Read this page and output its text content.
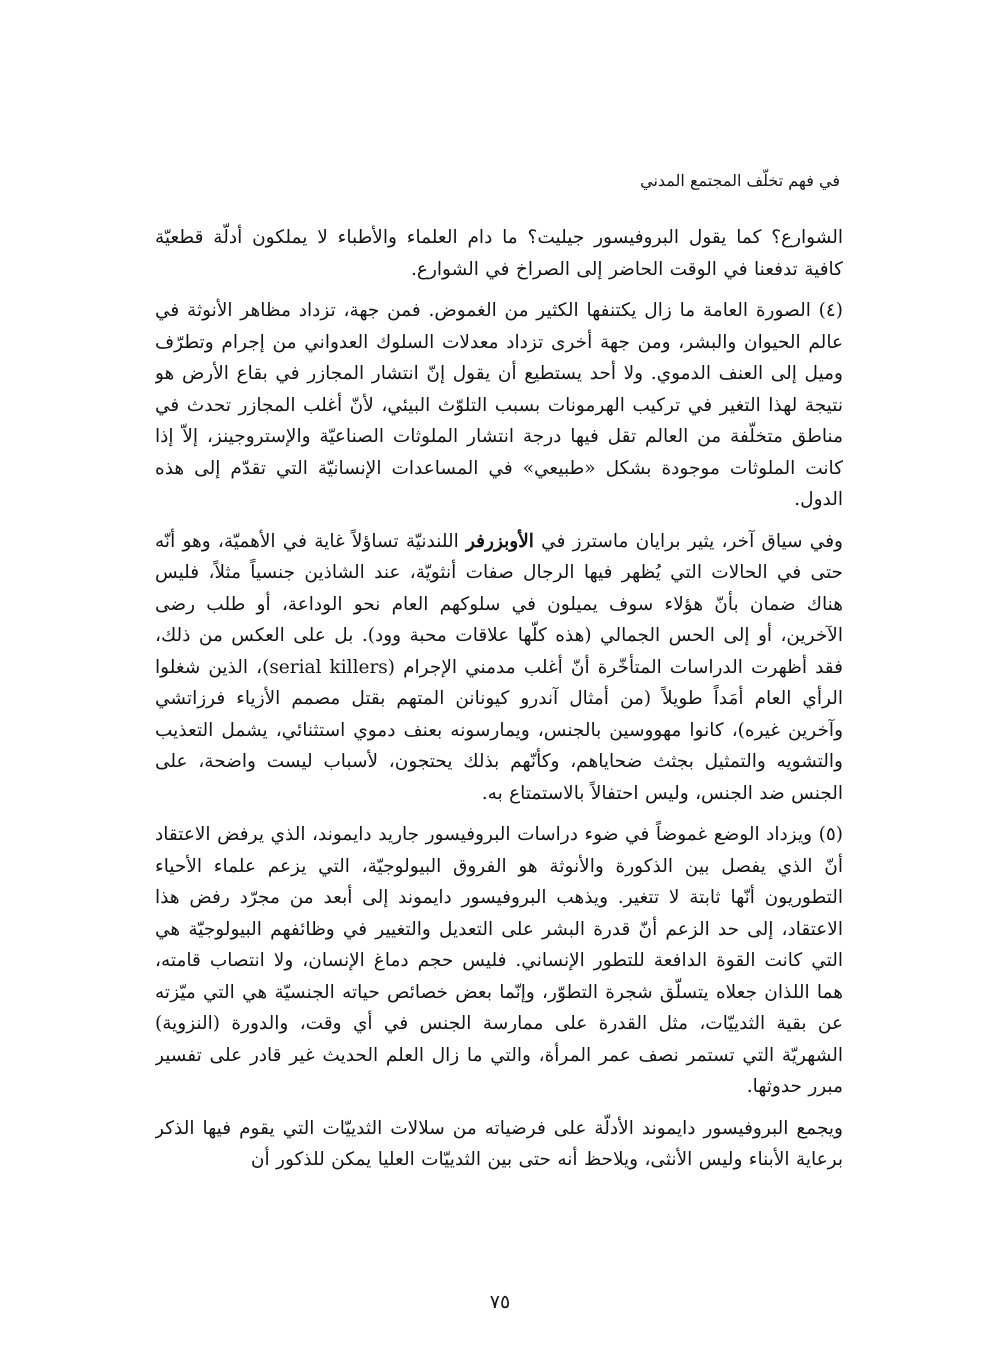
في فهم تخلّف المجتمع المدني

الشوارع؟ كما يقول البروفيسور جيليت؟ ما دام العلماء والأطباء لا يملكون أدلّة قطعيّة كافية تدفعنا في الوقت الحاضر إلى الصراخ في الشوارع.

(٤) الصورة العامة ما زال يكتنفها الكثير من الغموض. فمن جهة، تزداد مظاهر الأنوثة في عالم الحيوان والبشر، ومن جهة أخرى تزداد معدلات السلوك العدواني من إجرام وتطرّف وميل إلى العنف الدموي. ولا أحد يستطيع أن يقول إنّ انتشار المجازر في بقاع الأرض هو نتيجة لهذا التغير في تركيب الهرمونات بسبب التلوّث البيئي، لأنّ أغلب المجازر تحدث في مناطق متخلّفة من العالم تقل فيها درجة انتشار الملوثات الصناعيّة والإستروجينز، إلاّ إذا كانت الملوثات موجودة بشكل «طبيعي» في المساعدات الإنسانيّة التي تقدّم إلى هذه الدول.

وفي سياق آخر، يثير برايان ماسترز في الأوبزرفر اللندنيّة تساؤلاً غاية في الأهميّة، وهو أنّه حتى في الحالات التي يُظهر فيها الرجال صفات أنثويّة، عند الشاذين جنسياً مثلاً، فليس هناك ضمان بأنّ هؤلاء سوف يميلون في سلوكهم العام نحو الوداعة، أو طلب رضى الآخرين، أو إلى الحس الجمالي (هذه كلّها علاقات محبة وود). بل على العكس من ذلك، فقد أظهرت الدراسات المتأخّرة أنّ أغلب مدمني الإجرام (serial killers)، الذين شغلوا الرأي العام أمَداً طويلاً (من أمثال آندرو كيونانن المتهم بقتل مصمم الأزياء فرزاتشي وآخرين غيره)، كانوا مهووسين بالجنس، ويمارسونه بعنف دموي استثنائي، يشمل التعذيب والتشويه والتمثيل بجثث ضحاياهم، وكأنّهم بذلك يحتجون، لأسباب ليست واضحة، على الجنس ضد الجنس، وليس احتفالاً بالاستمتاع به.

(٥) ويزداد الوضع غموضاً في ضوء دراسات البروفيسور جاريد دايموند، الذي يرفض الاعتقاد أنّ الذي يفصل بين الذكورة والأنوثة هو الفروق البيولوجيّة، التي يزعم علماء الأحياء التطوريون أنّها ثابتة لا تتغير. ويذهب البروفيسور دايموند إلى أبعد من مجرّد رفض هذا الاعتقاد، إلى حد الزعم أنّ قدرة البشر على التعديل والتغيير في وظائفهم البيولوجيّة هي التي كانت القوة الدافعة للتطور الإنساني. فليس حجم دماغ الإنسان، ولا انتصاب قامته، هما اللذان جعلاه يتسلّق شجرة التطوّر، وإنّما بعض خصائص حياته الجنسيّة هي التي ميّزته عن بقية الثدييّات، مثل القدرة على ممارسة الجنس في أي وقت، والدورة (النزوية) الشهريّة التي تستمر نصف عمر المرأة، والتي ما زال العلم الحديث غير قادر على تفسير مبرر حدوثها.

ويجمع البروفيسور دايموند الأدلّة على فرضياته من سلالات الثدييّات التي يقوم فيها الذكر برعاية الأبناء وليس الأنثى، ويلاحظ أنه حتى بين الثدييّات العليا يمكن للذكور أن

٧٥
